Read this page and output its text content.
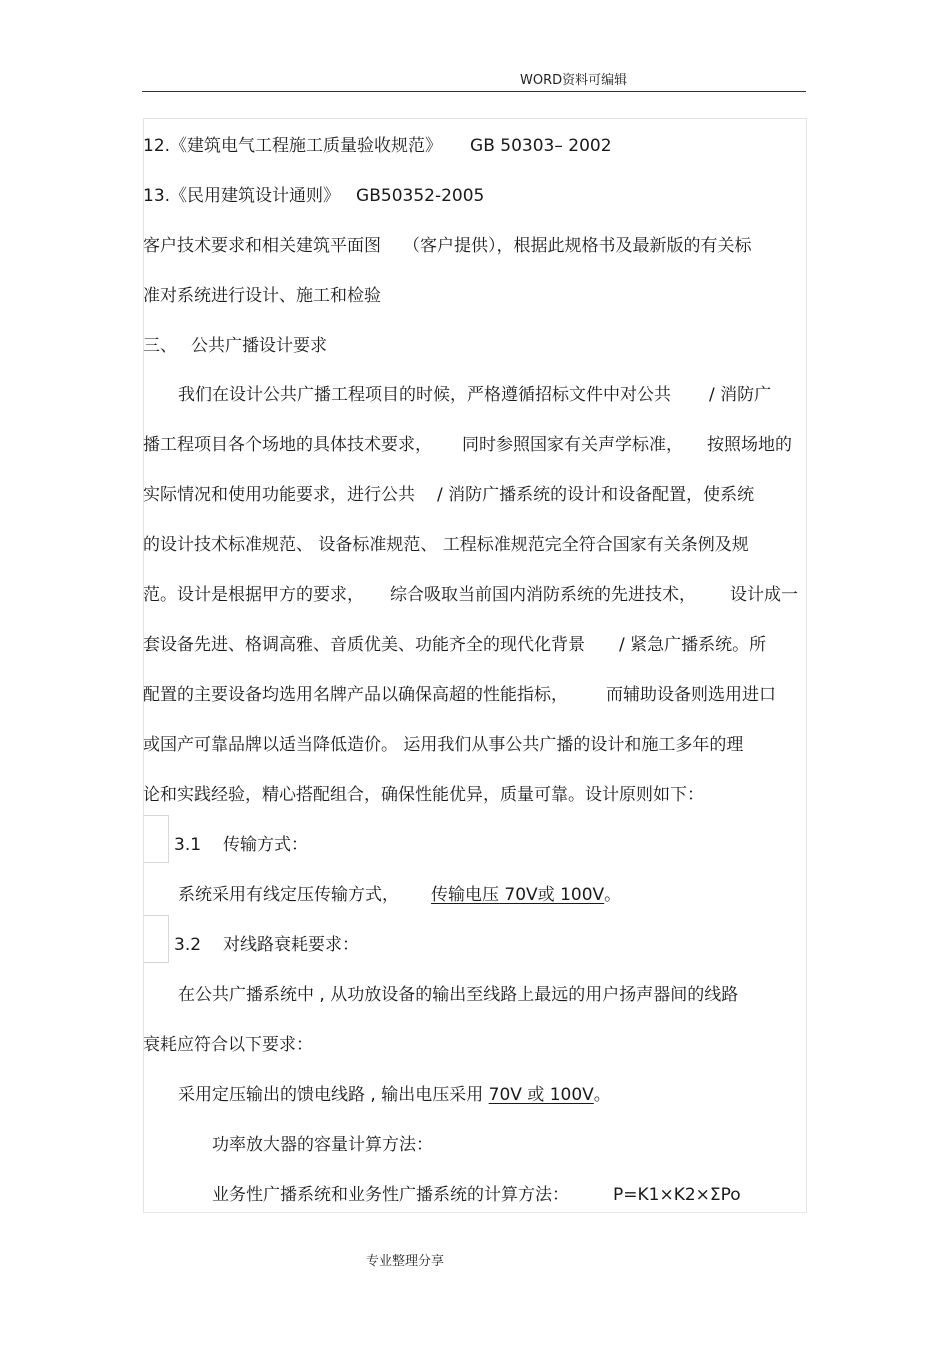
WORD资料可编辑
12.《建筑电气工程施工质量验收规范》 GB 50303– 2002
13.《民用建筑设计通则》 GB50352-2005
客户技术要求和相关建筑平面图 （客户提供），根据此规格书及最新版的有关标
准对系统进行设计、施工和检验
三、 公共广播设计要求
我们在设计公共广播工程项目的时候，严格遵循招标文件中对公共 / 消防广
播工程项目各个场地的具体技术要求， 同时参照国家有关声学标准， 按照场地的
实际情况和使用功能要求，进行公共 / 消防广播系统的设计和设备配置，使系统
的设计技术标准规范、 设备标准规范、 工程标准规范完全符合国家有关条例及规
范。设计是根据甲方的要求， 综合吸取当前国内消防系统的先进技术， 设计成一
套设备先进、格调高雅、音质优美、功能齐全的现代化背景 / 紧急广播系统。所
配置的主要设备均选用名牌产品以确保高超的性能指标， 而辅助设备则选用进口
或国产可靠品牌以适当降低造价。 运用我们从事公共广播的设计和施工多年的理
论和实践经验，精心搭配组合，确保性能优异，质量可靠。设计原则如下：
3.1 传输方式：
系统采用有线定压传输方式， 传输电压 70V或 100V。
3.2 对线路衰耗要求：
在公共广播系统中 , 从功放设备的输出至线路上最远的用户扬声器间的线路
衰耗应符合以下要求：
采用定压输出的馈电线路 , 输出电压采用 70V 或 100V。
功率放大器的容量计算方法：
业务性广播系统和业务性广播系统的计算方法：	P=K1×K2×ΣPo
专业整理分享
